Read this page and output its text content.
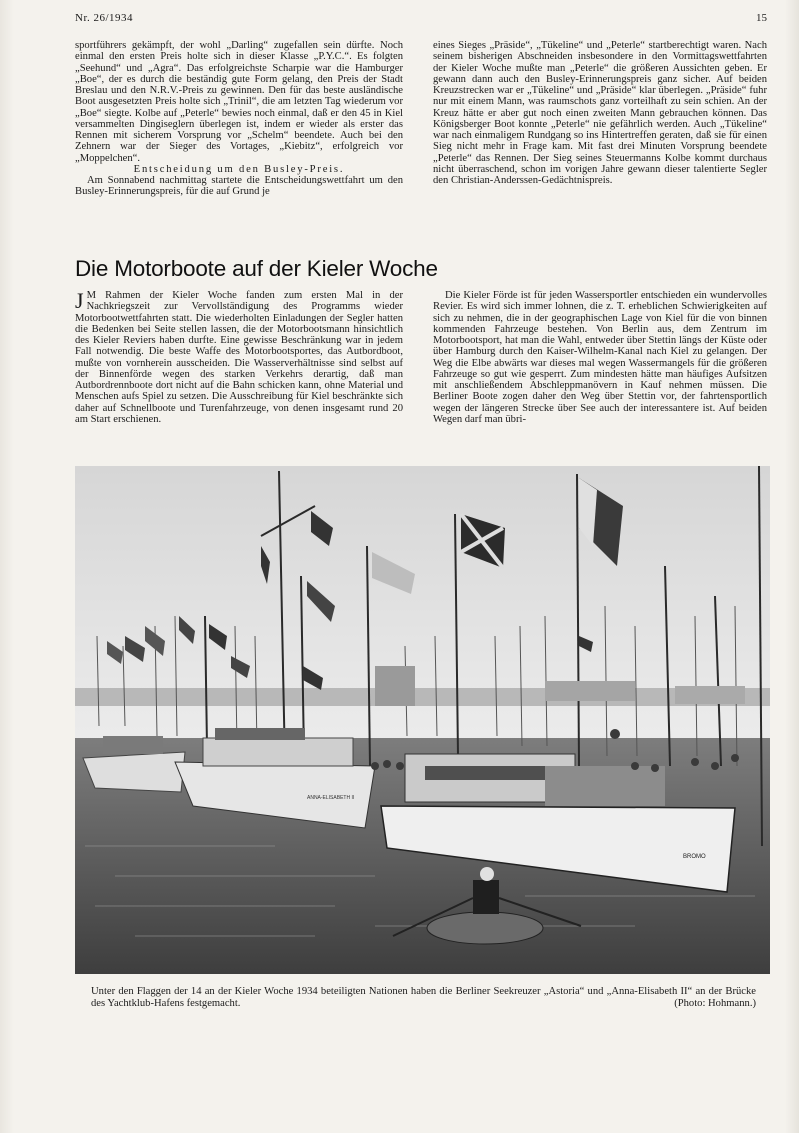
Nr. 26/1934	15

sportführers gekämpft, der wohl „Darling“ zugefallen sein dürfte. Noch einmal den ersten Preis holte sich in dieser Klasse „P.Y.C.“. Es folgten „Seehund“ und „Agra“. Das erfolgreichste Scharpie war die Hamburger „Boe“, der es durch die beständig gute Form gelang, den Preis der Stadt Breslau und den N.R.V.-Preis zu gewinnen. Den für das beste ausländische Boot ausgesetzten Preis holte sich „Trinil“, die am letzten Tag wiederum vor „Boe“ siegte. Kolbe auf „Peterle“ bewies noch einmal, daß er den 45 in Kiel versammelten Dingiseglern überlegen ist, indem er wieder als erster das Rennen mit sicherem Vorsprung vor „Schelm“ beendete. Auch bei den Zehnern war der Sieger des Vortages, „Kiebitz“, erfolgreich vor „Moppelchen“.

Entscheidung um den Busley-Preis.

Am Sonnabend nachmittag startete die Entscheidungswettfahrt um den Busley-Erinnerungspreis, für die auf Grund je

eines Sieges „Präside“, „Tükeline“ und „Peterle“ startberechtigt waren. Nach seinem bisherigen Abschneiden insbesondere in den Vormittagswettfahrten der Kieler Woche mußte man „Peterle“ die größeren Aussichten geben. Er gewann dann auch den Busley-Erinnerungspreis ganz sicher. Auf beiden Kreuzstrecken war er „Tükeline“ und „Präside“ klar überlegen. „Präside“ fuhr nur mit einem Mann, was raumschots ganz vorteilhaft zu sein schien. An der Kreuz hätte er aber gut noch einen zweiten Mann gebrauchen können. Das Königsberger Boot konnte „Peterle“ nie gefährlich werden. Auch „Tükeline“ war nach einmaligem Rundgang so ins Hintertreffen geraten, daß sie für einen Sieg nicht mehr in Frage kam. Mit fast drei Minuten Vorsprung beendete „Peterle“ das Rennen. Der Sieg seines Steuermanns Kolbe kommt durchaus nicht überraschend, schon im vorigen Jahre gewann dieser talentierte Segler den Christian-Anderssen-Gedächtnispreis.

Die Motorboote auf der Kieler Woche

J M Rahmen der Kieler Woche fanden zum ersten Mal in der Nachkriegszeit zur Vervollständigung des Programms wieder Motorbootwettfahrten statt. Die wiederholten Einladungen der Segler hatten die Bedenken bei Seite stellen lassen, die der Motorbootsmann hinsichtlich des Kieler Reviers haben durfte. Eine gewisse Beschränkung war in jedem Fall notwendig. Die beste Waffe des Motorbootsportes, das Autbordboot, mußte von vornherein ausscheiden. Die Wasserverhältnisse sind selbst auf der Binnenförde wegen des starken Verkehrs derartig, daß man Autbordrennboote dort nicht auf die Bahn schicken kann, ohne Material und Menschen aufs Spiel zu setzen. Die Ausschreibung für Kiel beschränkte sich daher auf Schnellboote und Turenfahrzeuge, von denen insgesamt rund 20 am Start erschienen.

Die Kieler Förde ist für jeden Wassersportler entschieden ein wundervolles Revier. Es wird sich immer lohnen, die z. T. erheblichen Schwierigkeiten auf sich zu nehmen, die in der geographischen Lage von Kiel für die von binnen kommenden Fahrzeuge bestehen. Von Berlin aus, dem Zentrum im Motorbootsport, hat man die Wahl, entweder über Stettin längs der Küste oder über Hamburg durch den Kaiser-Wilhelm-Kanal nach Kiel zu gelangen. Der Weg die Elbe abwärts war dieses mal wegen Wassermangels für die größeren Fahrzeuge so gut wie gesperrt. Zum mindesten hätte man häufiges Aufsitzen mit anschließendem Abschleppmanövern in Kauf nehmen müssen. Die Berliner Boote zogen daher den Weg über Stettin vor, der fahrtensportlich wegen der längeren Strecke über See auch der interessantere ist. Auf beiden Wegen darf man übri-

ANNA-ELISABETH II
BROMO
Unter den Flaggen der 14 an der Kieler Woche 1934 beteiligten Nationen haben die Berliner Seekreuzer „Astoria“ und „Anna-Elisabeth II“ an der Brücke des Yachtklub-Hafens festgemacht.	(Photo: Hohmann.)
